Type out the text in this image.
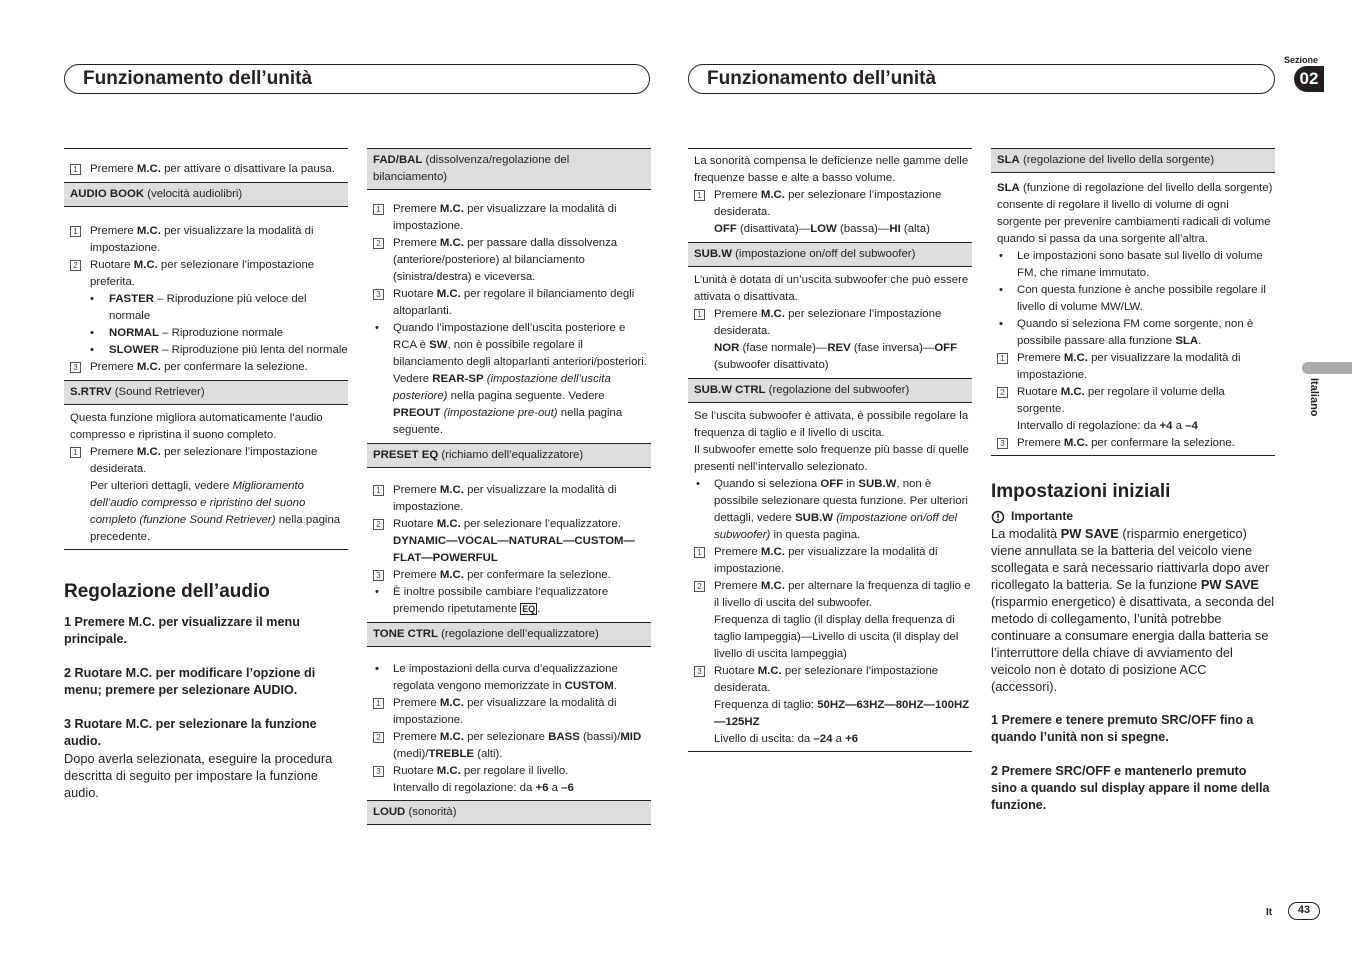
Funzionamento dell’unità	Funzionamento dell’unità
Sezione
02
Italiano
It	43
1 Premere M.C. per attivare o disattivare la pausa.
AUDIO BOOK (velocità audiolibri)
1 Premere M.C. per visualizzare la modalità di impostazione.
2 Ruotare M.C. per selezionare l’impostazione preferita.
•	FASTER – Riproduzione più veloce del normale
•	NORMAL – Riproduzione normale
•	SLOWER – Riproduzione più lenta del normale
3 Premere M.C. per confermare la selezione.
S.RTRV (Sound Retriever)
Questa funzione migliora automaticamente l’audio compresso e ripristina il suono completo.
1 Premere M.C. per selezionare l’impostazione desiderata.
Per ulteriori dettagli, vedere Miglioramento dell’audio compresso e ripristino del suono completo (funzione Sound Retriever) nella pagina precedente.
Regolazione dell’audio
1 Premere M.C. per visualizzare il menu principale.
2 Ruotare M.C. per modificare l’opzione di menu; premere per selezionare AUDIO.
3 Ruotare M.C. per selezionare la funzione audio.
Dopo averla selezionata, eseguire la procedura descritta di seguito per impostare la funzione audio.
FAD/BAL (dissolvenza/regolazione del bilanciamento)
1 Premere M.C. per visualizzare la modalità di impostazione.
2 Premere M.C. per passare dalla dissolvenza (anteriore/posteriore) al bilanciamento (sinistra/destra) e viceversa.
3 Ruotare M.C. per regolare il bilanciamento degli altoparlanti.
•	Quando l’impostazione dell’uscita posteriore e RCA è SW, non è possibile regolare il bilanciamento degli altoparlanti anteriori/posteriori. Vedere REAR-SP (impostazione dell’uscita posteriore) nella pagina seguente. Vedere PREOUT (impostazione pre-out) nella pagina seguente.
PRESET EQ (richiamo dell’equalizzatore)
1 Premere M.C. per visualizzare la modalità di impostazione.
2 Ruotare M.C. per selezionare l’equalizzatore.
DYNAMIC—VOCAL—NATURAL—CUSTOM—FLAT—POWERFUL
3 Premere M.C. per confermare la selezione.
•	È inoltre possibile cambiare l’equalizzatore premendo ripetutamente EQ .
TONE CTRL (regolazione dell’equalizzatore)
•	Le impostazioni della curva d’equalizzazione regolata vengono memorizzate in CUSTOM.
1 Premere M.C. per visualizzare la modalità di impostazione.
2 Premere M.C. per selezionare BASS (bassi)/MID (medi)/TREBLE (alti).
3 Ruotare M.C. per regolare il livello.
Intervallo di regolazione: da +6 a –6
LOUD (sonorità)
La sonorità compensa le deficienze nelle gamme delle frequenze basse e alte a basso volume.
1 Premere M.C. per selezionare l’impostazione desiderata.
OFF (disattivata)—LOW (bassa)—HI (alta)
SUB.W (impostazione on/off del subwoofer)
L’unità è dotata di un’uscita subwoofer che può essere attivata o disattivata.
1 Premere M.C. per selezionare l’impostazione desiderata.
NOR (fase normale)—REV (fase inversa)—OFF (subwoofer disattivato)
SUB.W CTRL (regolazione del subwoofer)
Se l’uscita subwoofer è attivata, è possibile regolare la frequenza di taglio e il livello di uscita.
Il subwoofer emette solo frequenze più basse di quelle presenti nell’intervallo selezionato.
•	Quando si seleziona OFF in SUB.W, non è possibile selezionare questa funzione. Per ulteriori dettagli, vedere SUB.W (impostazione on/off del subwoofer) in questa pagina.
1 Premere M.C. per visualizzare la modalità di impostazione.
2 Premere M.C. per alternare la frequenza di taglio e il livello di uscita del subwoofer.
Frequenza di taglio (il display della frequenza di taglio lampeggia)—Livello di uscita (il display del livello di uscita lampeggia)
3 Ruotare M.C. per selezionare l’impostazione desiderata.
Frequenza di taglio: 50HZ—63HZ—80HZ—100HZ—125HZ
Livello di uscita: da –24 a +6
SLA (regolazione del livello della sorgente)
SLA (funzione di regolazione del livello della sorgente) consente di regolare il livello di volume di ogni sorgente per prevenire cambiamenti radicali di volume quando si passa da una sorgente all’altra.
•	Le impostazioni sono basate sul livello di volume FM, che rimane immutato.
•	Con questa funzione è anche possibile regolare il livello di volume MW/LW.
•	Quando si seleziona FM come sorgente, non è possibile passare alla funzione SLA.
1 Premere M.C. per visualizzare la modalità di impostazione.
2 Ruotare M.C. per regolare il volume della sorgente.
Intervallo di regolazione: da +4 a –4
3 Premere M.C. per confermare la selezione.
Impostazioni iniziali
Importante
La modalità PW SAVE (risparmio energetico) viene annullata se la batteria del veicolo viene scollegata e sarà necessario riattivarla dopo aver ricollegato la batteria. Se la funzione PW SAVE (risparmio energetico) è disattivata, a seconda del metodo di collegamento, l’unità potrebbe continuare a consumare energia dalla batteria se l’interruttore della chiave di avviamento del veicolo non è dotato di posizione ACC (accessori).
1 Premere e tenere premuto SRC/OFF fino a quando l’unità non si spegne.
2 Premere SRC/OFF e mantenerlo premuto sino a quando sul display appare il nome della funzione.
